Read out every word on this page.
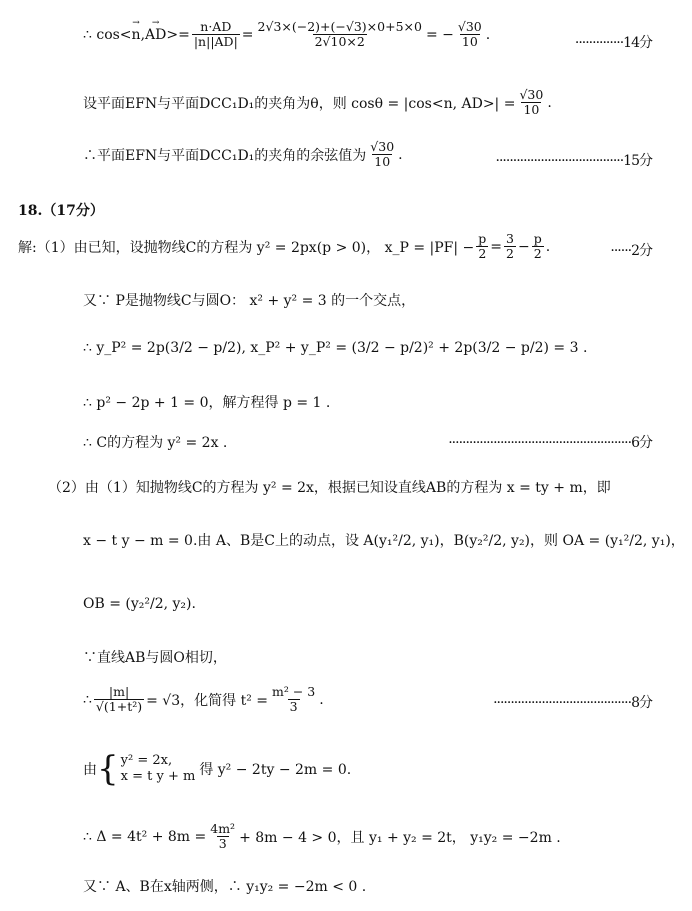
∴ cos< → n , → AD >= $\frac{n\cdot AD}{|n||AD|} = \frac{2√3\times(-2)+(-√3)\times 0+5\times 0}{2√10\times 2}$ = − $\frac{√30}{10}$ .
··············14分
设平面EFN与平面DCC₁D₁的夹角为θ，则 cosθ = |cos<n, $AD>| = \frac{√30}{10}$ .
∴平面EFN与平面DCC₁D₁的夹角的余弦值为 $\frac{√30}{10}$ .	·····································15分
18.（17分）
解:（1）由已知，设抛物线C的方程为 y² = 2px(p > 0)， x_P = $|PF| - \frac{p}{2} = \frac{3}{2} - \frac{p}{2}$ .	······2分
又∵ P是抛物线C与圆O： x² + y² = 3 的一个交点，
∴ y_P² = 2p(3/2 − p/2), x_P² + y_P² = (3/2 − p/2)² + 2p(3/2 − p/2) = 3 .
∴ p² − 2p + 1 = 0，解方程得 p = 1 .
∴ C的方程为 y² = 2x .	·····················································6分
（2）由（1）知抛物线C的方程为 y² = 2x，根据已知设直线AB的方程为 x = ty + m，即
x − t y − m = 0.由 A、B是C上的动点，设 A(y₁²/2, y₁)，B(y₂²/2, y₂)，则 OA = (y₁²/2, y₁)，
OB = (y₂²/2, y₂).
∵直线AB与圆O相切，
∴ $\frac{|m|}{\text{√(1+t²)}} = √3$，化简得 $t^2 = \frac{\text{m² − 3}}{3}$ .	········································8分
由 { y² = 2x,
x = t y + m 得 y² − 2ty − 2m = 0.
∴ $\Delta = 4t^2 + 8m = \frac{\text{4m²}}{3} + 8m - 4 > 0$，且 y₁ + y₂ = 2t， y₁y₂ = −2m .
又∵ A、B在x轴两侧，∴ y₁y₂ = −2m < 0 .
